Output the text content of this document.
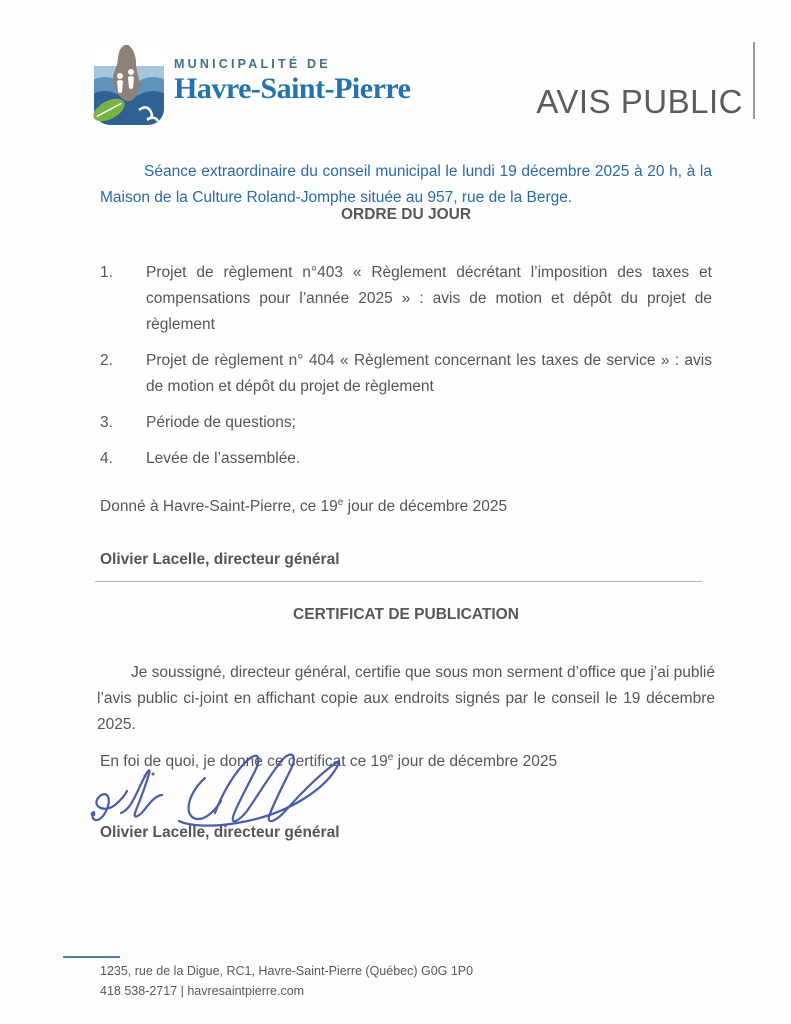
MUNICIPALITÉ DE
Havre-Saint-Pierre	AVIS PUBLIC

Séance extraordinaire du conseil municipal le lundi 19 décembre 2025 à 20 h, à la Maison de la Culture Roland-Jomphe située au 957, rue de la Berge.

ORDRE DU JOUR
1.	Projet de règlement n°403 « Règlement décrétant l’imposition des taxes et compensations pour l’année 2025 » : avis de motion et dépôt du projet de règlement
2.	Projet de règlement n° 404 « Règlement concernant les taxes de service » : avis de motion et dépôt du projet de règlement
3.	Période de questions;
4.	Levée de l’assemblée.

Donné à Havre-Saint-Pierre, ce 19e jour de décembre 2025

Olivier Lacelle, directeur général
CERTIFICAT DE PUBLICATION

Je soussigné, directeur général, certifie que sous mon serment d’office que j’ai publié l’avis public ci-joint en affichant copie aux endroits signés par le conseil le 19 décembre 2025.

En foi de quoi, je donne ce certificat ce 19e jour de décembre 2025

Olivier Lacelle, directeur général
1235, rue de la Digue, RC1, Havre-Saint-Pierre (Québec) G0G 1P0
418 538-2717 | havresaintpierre.com
